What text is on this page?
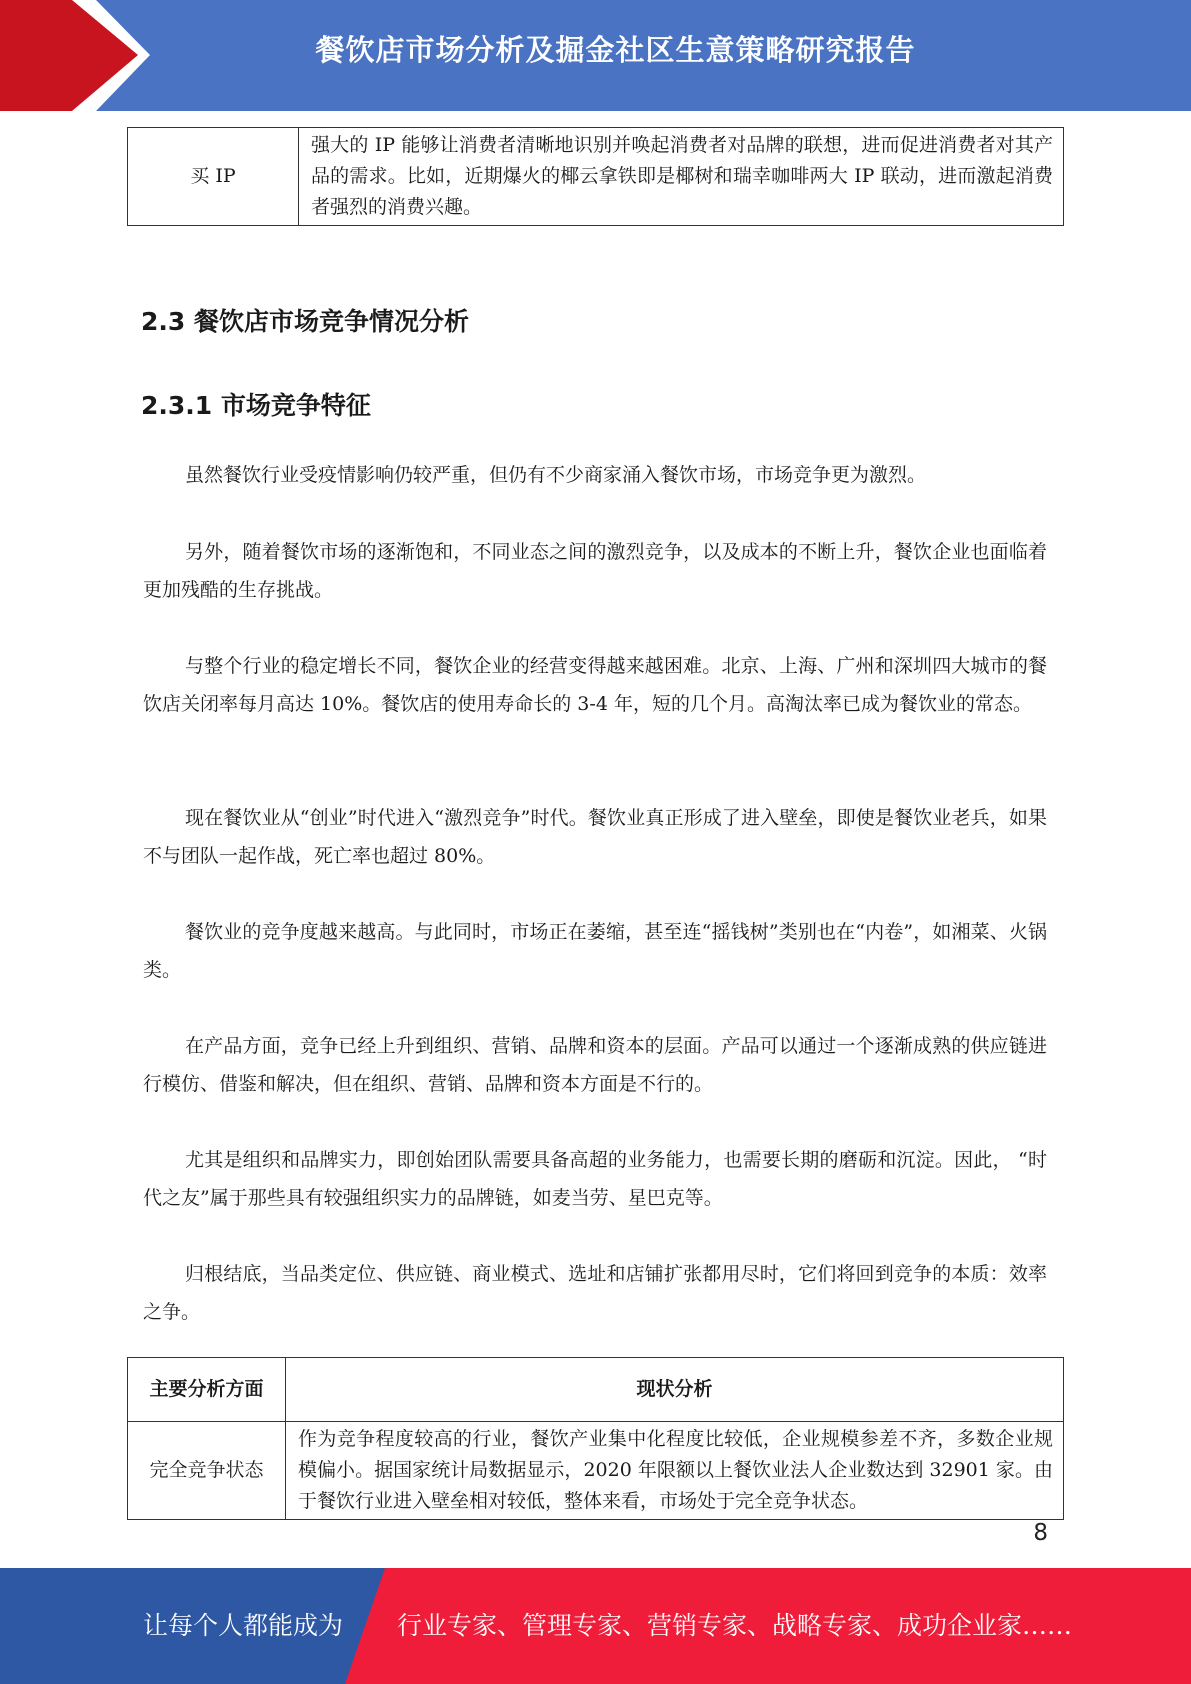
餐饮店市场分析及掘金社区生意策略研究报告
买 IP	强大的 IP 能够让消费者清晰地识别并唤起消费者对品牌的联想，进而促进消费者对其产品的需求。比如，近期爆火的椰云拿铁即是椰树和瑞幸咖啡两大 IP 联动，进而激起消费者强烈的消费兴趣。
2.3 餐饮店市场竞争情况分析
2.3.1 市场竞争特征
虽然餐饮行业受疫情影响仍较严重，但仍有不少商家涌入餐饮市场，市场竞争更为激烈。
另外，随着餐饮市场的逐渐饱和，不同业态之间的激烈竞争，以及成本的不断上升，餐饮企业也面临着更加残酷的生存挑战。
与整个行业的稳定增长不同，餐饮企业的经营变得越来越困难。北京、上海、广州和深圳四大城市的餐饮店关闭率每月高达 10%。餐饮店的使用寿命长的 3-4 年，短的几个月。高淘汰率已成为餐饮业的常态。
现在餐饮业从“创业”时代进入“激烈竞争”时代。餐饮业真正形成了进入壁垒，即使是餐饮业老兵，如果不与团队一起作战，死亡率也超过 80%。
餐饮业的竞争度越来越高。与此同时，市场正在萎缩，甚至连“摇钱树”类别也在“内卷”，如湘菜、火锅类。
在产品方面，竞争已经上升到组织、营销、品牌和资本的层面。产品可以通过一个逐渐成熟的供应链进行模仿、借鉴和解决，但在组织、营销、品牌和资本方面是不行的。
尤其是组织和品牌实力，即创始团队需要具备高超的业务能力，也需要长期的磨砺和沉淀。因此， “时代之友”属于那些具有较强组织实力的品牌链，如麦当劳、星巴克等。
归根结底，当品类定位、供应链、商业模式、选址和店铺扩张都用尽时，它们将回到竞争的本质：效率之争。
主要分析方面	现状分析
完全竞争状态	作为竞争程度较高的行业，餐饮产业集中化程度比较低，企业规模参差不齐，多数企业规模偏小。据国家统计局数据显示，2020 年限额以上餐饮业法人企业数达到 32901 家。由于餐饮行业进入壁垒相对较低，整体来看，市场处于完全竞争状态。
8
让每个人都能成为 行业专家、管理专家、营销专家、战略专家、成功企业家……
